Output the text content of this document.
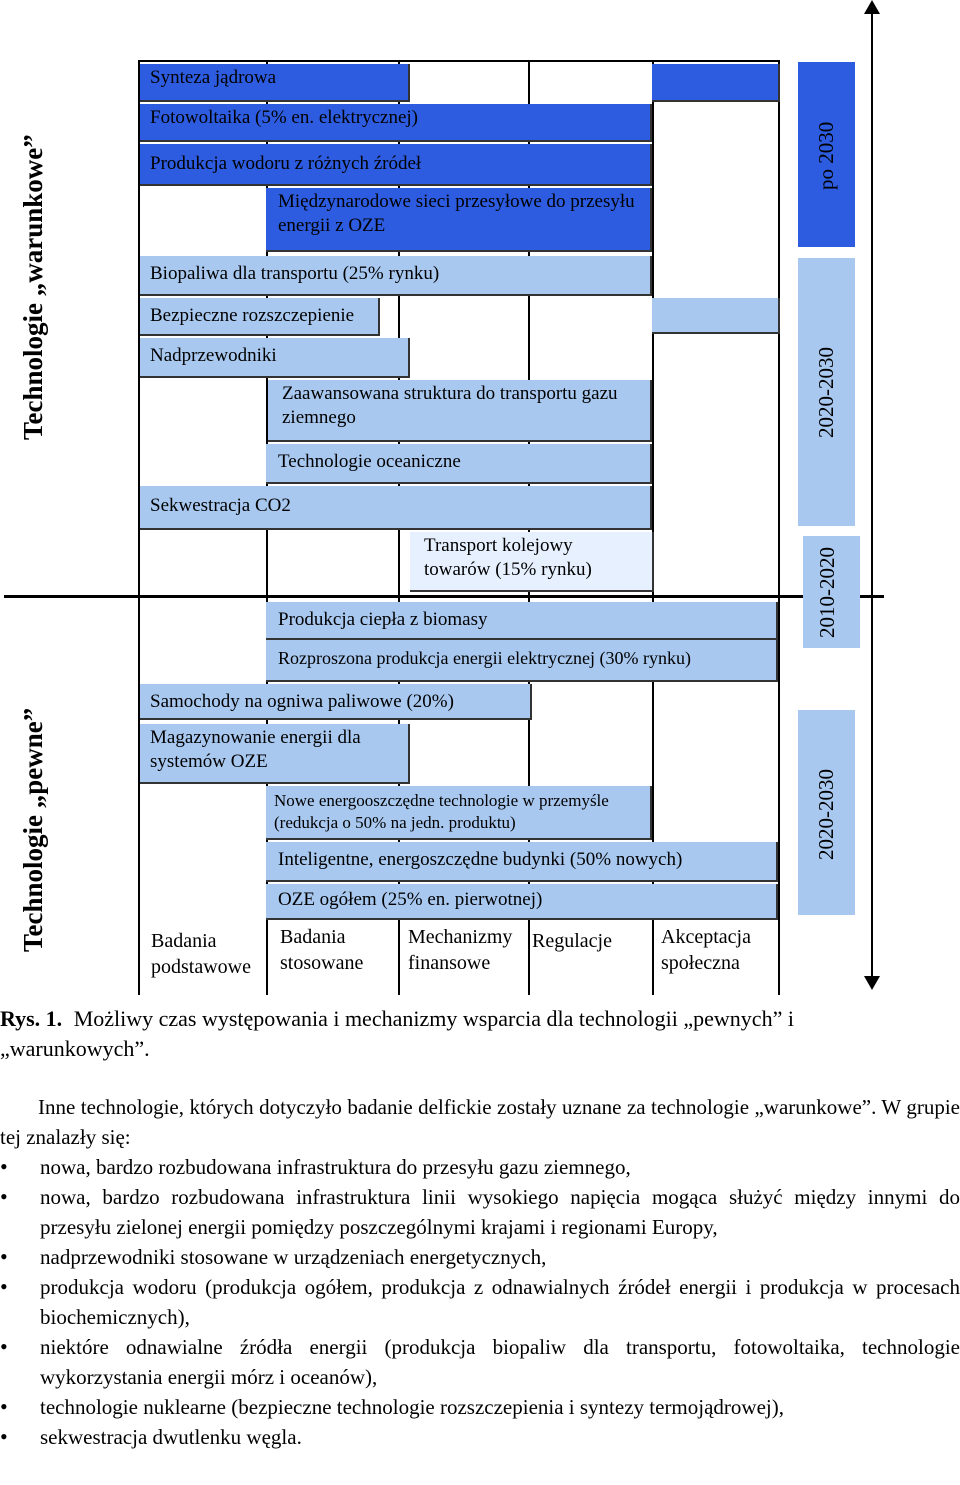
Technologie „warunkowe”
Technologie „pewne”
po 2030
2020-2030
2010-2020
2020-2030
Synteza jądrowa
Fotowoltaika (5% en. elektrycznej)
Produkcja wodoru z różnych źródeł
Międzynarodowe sieci przesyłowe do przesyłu energii z OZE
Biopaliwa dla transportu (25% rynku)
Bezpieczne rozszczepienie
Nadprzewodniki
Zaawansowana struktura do transportu gazu ziemnego
Technologie oceaniczne
Sekwestracja CO2
Transport kolejowy towarów (15% rynku)
Produkcja ciepła z biomasy
Rozproszona produkcja energii elektrycznej (30% rynku)
Samochody na ogniwa paliwowe (20%)
Magazynowanie energii dla systemów OZE
Nowe energooszczędne technologie w przemyśle (redukcja o 50% na jedn. produktu)
Inteligentne, energoszczędne budynki (50% nowych)
OZE ogółem (25% en. pierwotnej)
Badania podstawowe
Badania stosowane
Mechanizmy finansowe
Regulacje	Akceptacja społeczna
Rys. 1. Możliwy czas występowania i mechanizmy wsparcia dla technologii „pewnych” i „warunkowych”.
Inne technologie, których dotyczyło badanie delfickie zostały uznane za technologie „warunkowe”. W grupie tej znalazły się:
• nowa, bardzo rozbudowana infrastruktura do przesyłu gazu ziemnego,
• nowa, bardzo rozbudowana infrastruktura linii wysokiego napięcia mogąca służyć między innymi do przesyłu zielonej energii pomiędzy poszczególnymi krajami i regionami Europy,
• nadprzewodniki stosowane w urządzeniach energetycznych,
• produkcja wodoru (produkcja ogółem, produkcja z odnawialnych źródeł energii i produkcja w procesach biochemicznych),
• niektóre odnawialne źródła energii (produkcja biopaliw dla transportu, fotowoltaika, technologie wykorzystania energii mórz i oceanów),
• technologie nuklearne (bezpieczne technologie rozszczepienia i syntezy termojądrowej),
• sekwestracja dwutlenku węgla.
